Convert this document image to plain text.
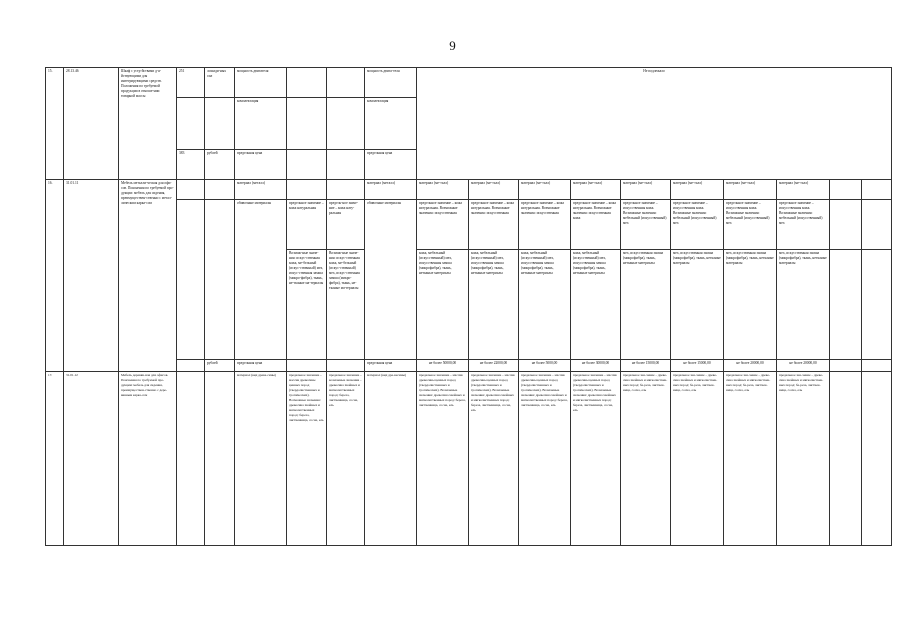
9
15.	28.13.46	Шкаф с устр-йствами д-я-йствующими для интегрирующими средств. Положения по требуемой продукции в отноше-нии товарной массы	251	лошади-ных сил	мощность двигателя			мощность двига-теля	Не подлежало									
					комплектация			комплектация										
			383	рублей	предельная цена			предельная цена										
16.	31.01.11	Мебель металли-ческая для офи-сов. Пояснения по требуемой про-дукции: мебель для сидения, преимуществен-ственно с метал-лическим карка-сом			материал (металл)			материал (металл)	материал (ме-талл)	материал (ме-талл)	материал (ме-талл)	материал (ме-талл)	материал (ме-талл)	материал (ме-талл)	материал (ме-талл)	материал (ме-талл)		
					обивочные материалы	предельное значение – кожа натуральная	предель-ное значе-ние – кожа нату-ральная	обивочные материалы	предельное значение – кожа натуральная. Возможные значения: искусственная	предельное значение – кожа натуральная. Возможные значения: искусственная	предельное значение – кожа натуральная. Возможные значения: искусственная	предельное значение – кожа натуральная. Возможные значения: искусственная кожа	предельное значение – искусственная кожа. Возможные значения: мебельный (искусственный) мех	предельное значение – искусственная кожа. Возможные значения: мебельный (искусственный) мех	предельное значение – искусственная кожа. Возможные значения: мебельный (искусственный) мех	предельное значение – искусственная кожа. Возможные значения: мебельный (искусственный) мех		
						Возмож-ные значе-ния: искус-ственная кожа, ме-бельный (искус-ственный) мех, искус-ственная замша (микро-фибра), ткань, не-тканые ма-териалы	Возмож-ные значе-ния: искус-ственная кожа, ме-бельный (искус-ственный) мех, искус-ственная замша (микро-фибра), ткань, не-тканые ма-териалы		кожа, мебельный (искусственный) мех, искусственная замша (микрофибра), ткань, нетканые материалы	кожа, мебельный (искусственный) мех, искусственная замша (микрофибра), ткань, нетканые материалы	кожа, мебельный (искусственный) мех, искусственная замша (микрофибра), ткань, нетканые материалы	кожа, мебельный (искусственный) мех, искусственная замша (микрофибра), ткань, нетканые материалы	мех, искусственная замша (микрофибра), ткань, нетканые материалы	мех, искусственная замша (микрофибра), ткань, нетканые материалы	мех, искусственная замша (микрофибра), ткань, нетканые материалы	мех, искусственная замша (микрофибра), ткань, нетканые материалы		
				рублей	предельная цена			предельная цена	не более 50000,00	не более 22000,00	не более 5000,00	не более 30000,00	не более 15000,00	не более 15000,00	не более 20000,00	не более 20000,00		
17.	31.01.12	Мебель деревян-ная для офисов. Пояснения по требуемой про-дукции: мебель для сидения, преимуществен-ственно с дере-вянным карка-сом			материал (вид древе-сины)	предельное значение – массив древесины ценных пород (твердолиственных и тропических). Возможные значения: древесина хвойных и мягколиственных пород: береза, лиственница, сосна, ель	предельное значение – возможные значения – древесина хвойных и мягколиственных пород: береза, лиственница, сосна, ель	материал (вид дре-весины)	предельное значение – массив древесины ценных пород (твердолиственных и тропических). Возможные значения: древесина хвойных и мягколиственных пород: береза, лиственница, сосна, ель	предельное значение – массив древесины ценных пород (твердолиственных и тропических). Возможные значения: древесина хвойных и мягколиственных пород: береза, лиственница, сосна, ель	предельное значение – массив древесины ценных пород (твердолиственных и тропических). Возможные значения: древесина хвойных и мягколиственных пород: береза, лиственница, сосна, ель	предельное значение – массив древесины ценных пород (твердолиственных и тропических). Возможные значения: древесина хвойных и мягколиственных пород: береза, лиственница, сосна, ель	предельное зна-чение – древе-сина хвойных и мягколиствен-ных пород: бе-реза, листвен-ница, сосна, ель	предельное зна-чение – древе-сина хвойных и мягколиствен-ных пород: бе-реза, листвен-ница, сосна, ель	предельное зна-чение – древе-сина хвойных и мягколиствен-ных пород: бе-реза, листвен-ница, сосна, ель	предельное зна-чение – древе-сина хвойных и мягколиствен-ных пород: бе-реза, листвен-ница, сосна, ель		
